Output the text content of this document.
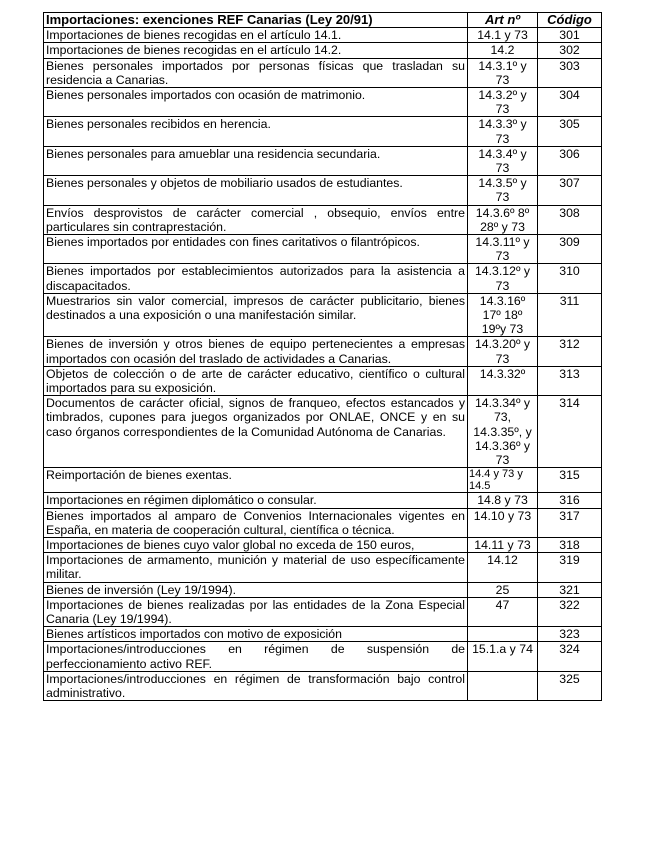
Importaciones: exenciones REF Canarias (Ley 20/91)	Art nº	Código
Importaciones de bienes recogidas en el artículo 14.1.	14.1 y 73	301
Importaciones de bienes recogidas en el artículo 14.2.	14.2	302
Bienes personales importados por personas físicas que trasladan su residencia a Canarias.	14.3.1º y 73	303
Bienes personales importados con ocasión de matrimonio.	14.3.2º y 73	304
Bienes personales recibidos en herencia.	14.3.3º y 73	305
Bienes personales para amueblar una residencia secundaria.	14.3.4º y 73	306
Bienes personales y objetos de mobiliario usados de estudiantes.	14.3.5º y 73	307
Envíos desprovistos de carácter comercial , obsequio, envíos entre particulares sin contraprestación.	14.3.6º 8º 28º y 73	308
Bienes importados por entidades con fines caritativos o filantrópicos.	14.3.11º y 73	309
Bienes importados por establecimientos autorizados para la asistencia a discapacitados.	14.3.12º y 73	310
Muestrarios sin valor comercial, impresos de carácter publicitario, bienes destinados a una exposición o una manifestación similar.	14.3.16º 17º 18º 19ºy 73	311
Bienes de inversión y otros bienes de equipo pertenecientes a empresas importados con ocasión del traslado de actividades a Canarias.	14.3.20º y 73	312
Objetos de colección o de arte de carácter educativo, científico o cultural importados para su exposición.	14.3.32º	313
Documentos de carácter oficial, signos de franqueo, efectos estancados y timbrados, cupones para juegos organizados por ONLAE, ONCE y en su caso órganos correspondientes de la Comunidad Autónoma de Canarias.	14.3.34º y 73, 14.3.35º, y 14.3.36º y 73	314
Reimportación de bienes exentas.	14.4 y 73 y 14.5	315
Importaciones en régimen diplomático o consular.	14.8 y 73	316
Bienes importados al amparo de Convenios Internacionales vigentes en España, en materia de cooperación cultural, científica o técnica.	14.10 y 73	317
Importaciones de bienes cuyo valor global no exceda de 150 euros,	14.11 y 73	318
Importaciones de armamento, munición y material de uso específicamente militar.	14.12	319
Bienes de inversión (Ley 19/1994).	25	321
Importaciones de bienes realizadas por las entidades de la Zona Especial Canaria (Ley 19/1994).	47	322
Bienes artísticos importados con motivo de exposición		323
Importaciones/introducciones en régimen de suspensión de perfeccionamiento activo REF.	15.1.a y 74	324
Importaciones/introducciones en régimen de transformación bajo control administrativo.		325
